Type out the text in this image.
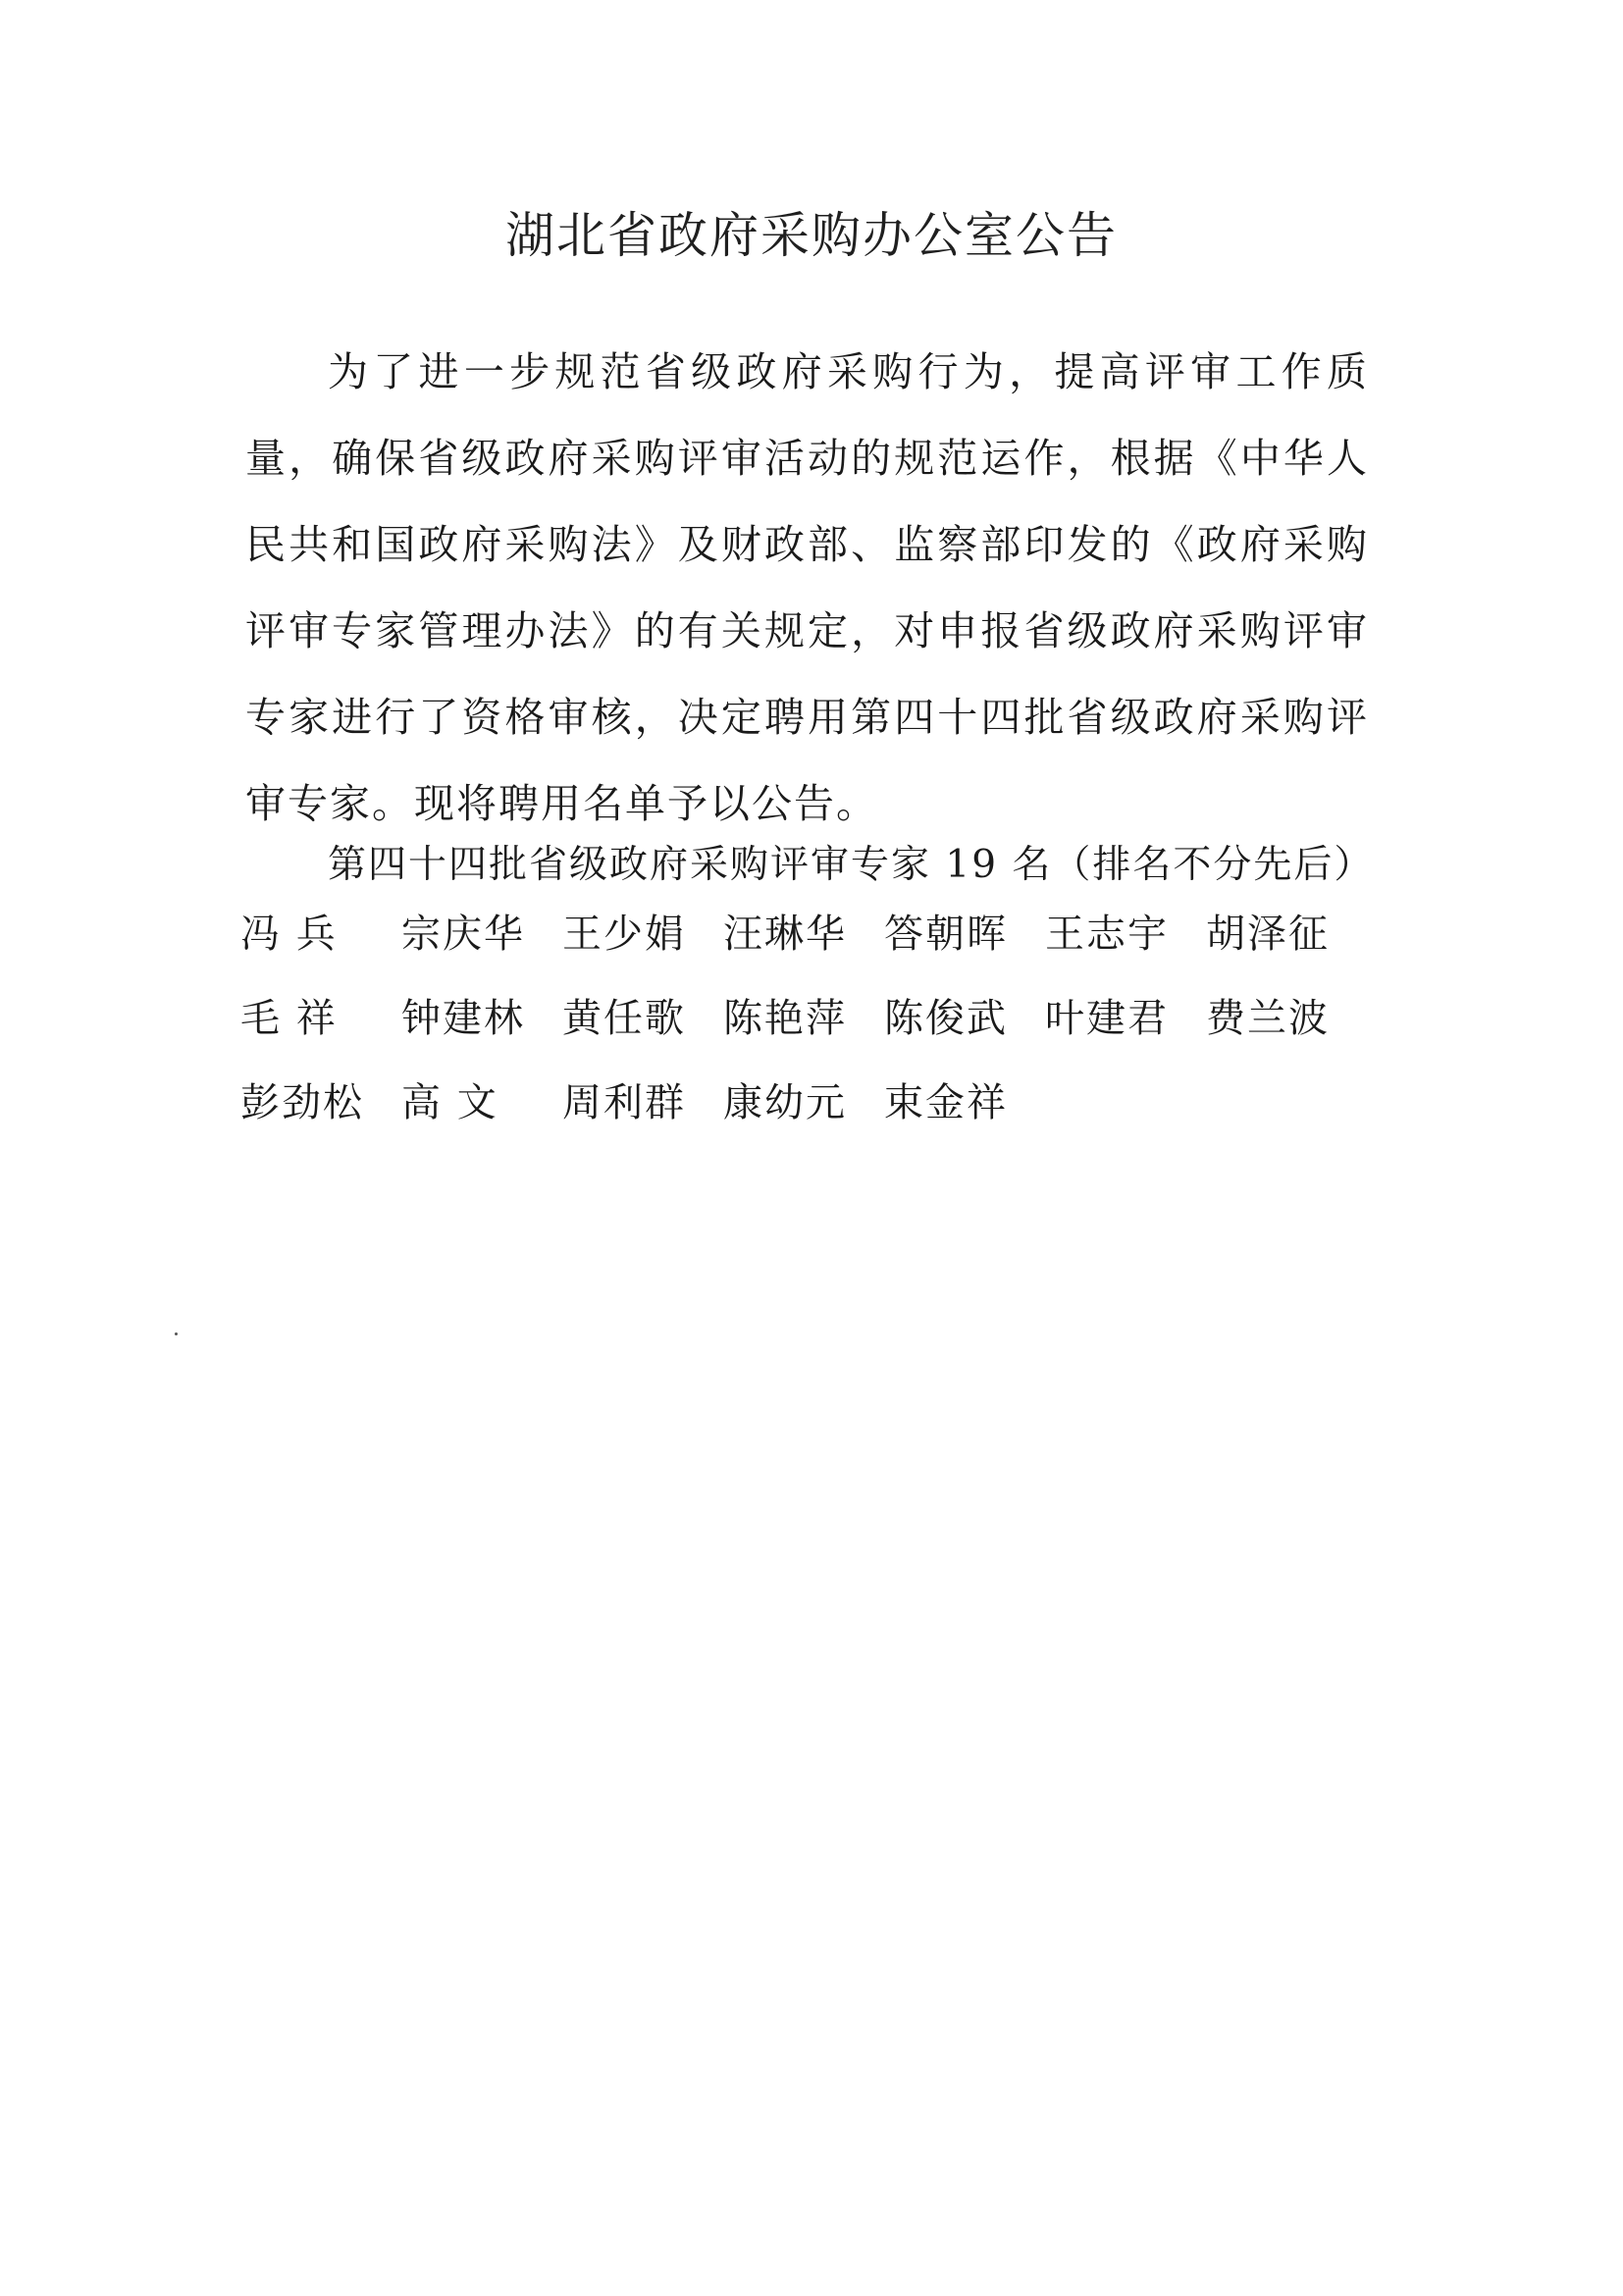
湖北省政府采购办公室公告

为了进一步规范省级政府采购行为，提高评审工作质量，确保省级政府采购评审活动的规范运作，根据《中华人民共和国政府采购法》及财政部、监察部印发的《政府采购评审专家管理办法》的有关规定，对申报省级政府采购评审专家进行了资格审核，决定聘用第四十四批省级政府采购评审专家。现将聘用名单予以公告。

第四十四批省级政府采购评审专家 19 名（排名不分先后）
冯 兵	宗庆华 王少娟 汪琳华 答朝晖 王志宇 胡泽征
毛 祥	钟建林 黄任歌 陈艳萍 陈俊武 叶建君 费兰波
彭劲松 高 文	周利群 康幼元 束金祥
